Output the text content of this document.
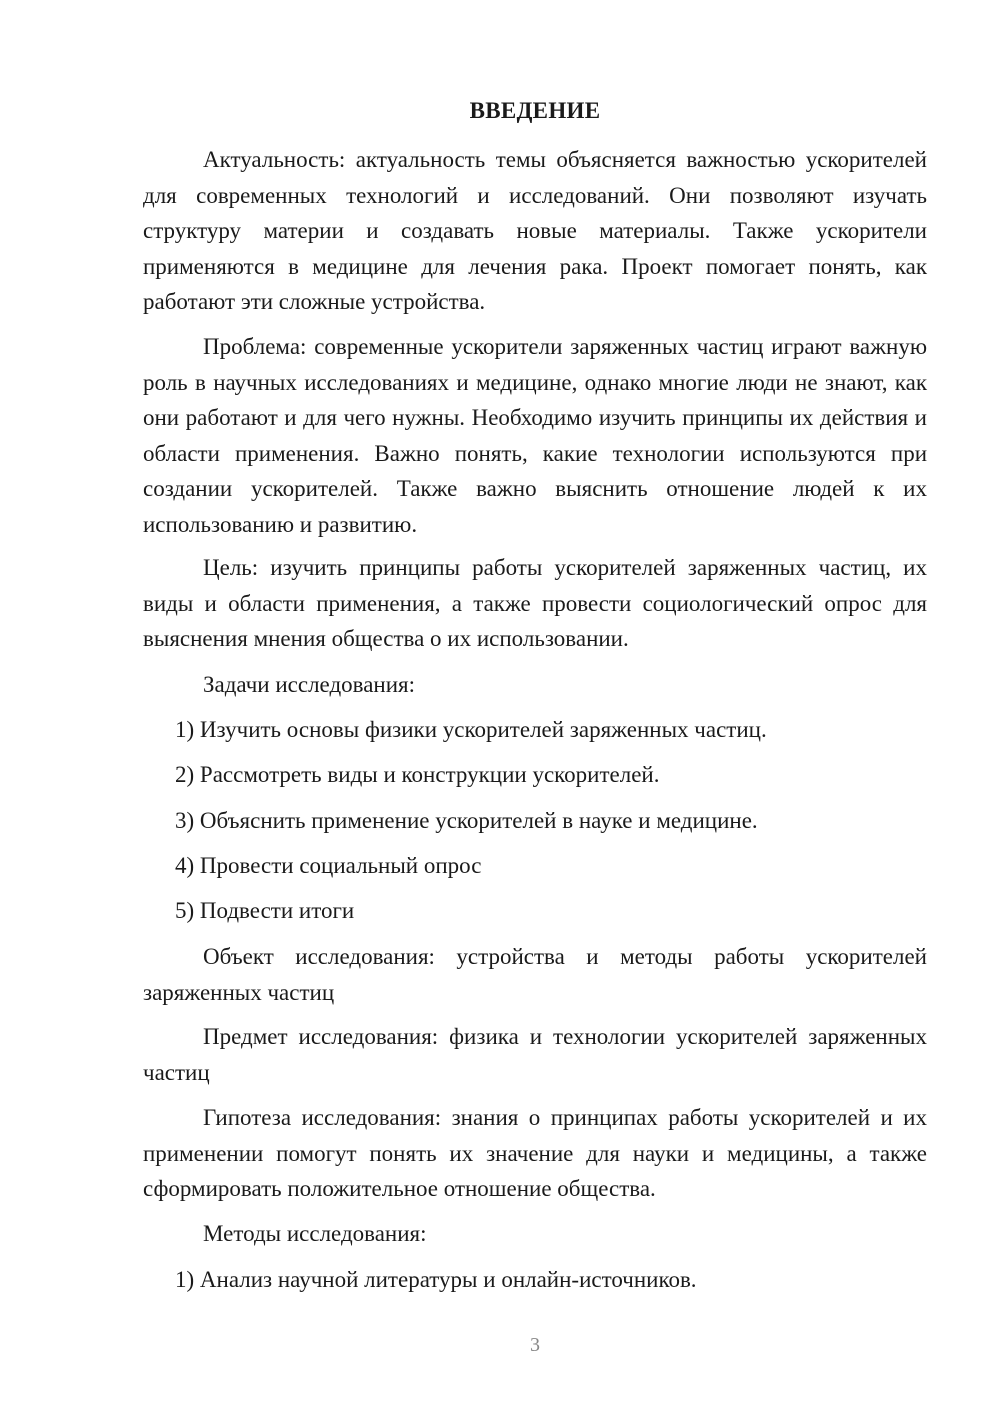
ВВЕДЕНИЕ

Актуальность: актуальность темы объясняется важностью ускорителей для современных технологий и исследований. Они позволяют изучать структуру материи и создавать новые материалы. Также ускорители применяются в медицине для лечения рака. Проект помогает понять, как работают эти сложные устройства.

Проблема: современные ускорители заряженных частиц играют важную роль в научных исследованиях и медицине, однако многие люди не знают, как они работают и для чего нужны. Необходимо изучить принципы их действия и области применения. Важно понять, какие технологии используются при создании ускорителей. Также важно выяснить отношение людей к их использованию и развитию.

Цель: изучить принципы работы ускорителей заряженных частиц, их виды и области применения, а также провести социологический опрос для выяснения мнения общества о их использовании.

Задачи исследования:

1) Изучить основы физики ускорителей заряженных частиц.

2) Рассмотреть виды и конструкции ускорителей.

3) Объяснить применение ускорителей в науке и медицине.

4) Провести социальный опрос

5) Подвести итоги

Объект исследования: устройства и методы работы ускорителей заряженных частиц

Предмет исследования: физика и технологии ускорителей заряженных частиц

Гипотеза исследования: знания о принципах работы ускорителей и их применении помогут понять их значение для науки и медицины, а также сформировать положительное отношение общества.

Методы исследования:

1) Анализ научной литературы и онлайн-источников.

3
